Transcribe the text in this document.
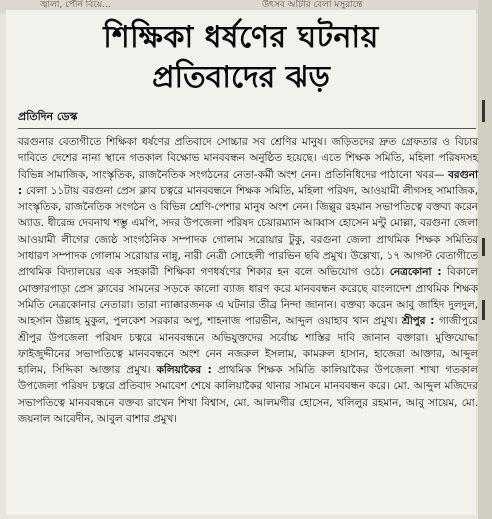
জ্বালা, পৌর্ন বিয়ে...	উৎসব আঁটার বেলা মসুরান্তে
শিক্ষিকা ধর্ষণের ঘটনায়
প্রতিবাদের ঝড়
প্রতিদিন ডেস্ক

বরগুনার বেতাগীতে শিক্ষিকা ধর্ষণের প্রতিবাদে সোচ্চার সব শ্রেণির মানুষ। জড়িতদের দ্রুত গ্রেফতার ও বিচার দাবিতে দেশের নানা স্থানে গতকাল বিক্ষোভ মানববন্ধন অনুষ্ঠিত হয়েছে। এতে শিক্ষক সমিতি, মহিলা পরিষদসহ বিভিন্ন সামাজিক, সাংস্কৃতিক, রাজনৈতিক সংগঠনের নেতা-কর্মী অংশ নেন। প্রতিনিধিদের পাঠানো খবর— বরগুনা : বেলা ১১টায় বরগুনা প্রেস ক্লাব চত্বরে মানববন্ধনে শিক্ষক সমিতি, মহিলা পরিষদ, আওয়ামী লীগসহ সামাজিক, সাংস্কৃতিক, রাজনৈতিক সংগঠন ও বিভিন্ন শ্রেণি-পেশার মানুষ অংশ নেন। জিল্লুর রহমান সভাপতিত্বে বক্তব্য করেন অ্যাড. ধীরেন্দ্র দেবনাথ শম্ভু এমপি, সদর উপজেলা পরিষদ চেয়ারম্যান আব্বাস হোসেন মন্টু মোল্লা, বরগুনা জেলা আওয়ামী লীগের জ্যেষ্ঠ সাংগঠনিক সম্পাদক গোলাম সরোয়ার টুকু, বরগুনা জেলা প্রাথমিক শিক্ষক সমিতির সাধারণ সম্পাদক গোলাম সরোয়ার নান্নু, নারী নেত্রী সোহেলী পারভিন ছবি প্রমুখ। উল্লেখ্য, ১৭ আগস্ট বেতাগীতে প্রাথমিক বিদ্যালয়ের এক সহকারী শিক্ষিকা গণধর্ষণের শিকার হন বলে অভিযোগ ওঠে। নেত্রকোনা : বিকালে মোক্তারপাড়া প্রেস ক্লাবের সামনের সড়কে কালো ব্যাজ ধারণ করে মানববন্ধন করেছে বাংলাদেশ প্রাথমিক শিক্ষক সমিতি নেত্রকোনার নেতারা। তারা ন্যাক্কারজনক এ ঘটনার তীব্র নিন্দা জানান। বক্তব্য করেন আবু জাহিদ দুলদুল, আহসান উল্লাহ মুকুল, পুলকেশ সরকার অপু, শাহনাজ পারভীন, আব্দুল ওয়াহাব খান প্রমুখ। শ্রীপুর : গাজীপুরে শ্রীপুর উপজেলা পরিষদ চত্বরে মানববন্ধনে অভিযুক্তদের সর্বোচ্চ শাস্তির দাবি জানান বক্তারা। মুক্তিযোদ্ধা ফাইজুদ্দীনের সভাপতিত্বে মানববন্ধনে অংশ নেন নজরুল ইসলাম, কামরুল হাসান, হাজেরা আক্তার, আব্দুল হালিম, সিদ্দিকা আক্তার প্রমুখ। কলিয়াকৈর : প্রাথমিক শিক্ষক সমিতি কালিয়াকৈর উপজেলা শাখা গতকাল উপজেলা পরিষদ চত্বরে প্রতিবাদ সমাবেশ শেষে কালিয়াকৈর থানার সামনে মানববন্ধন করে। মো. আব্দুল মজিদের সভাপতিত্বে মানববন্ধনে বক্তব্য রাখেন শিখা বিশ্বাস, মো. আলমগীর হোসেন, খলিলুর রহমান, আবু সায়েম, মো. জয়নাল আবেদীন, আবুল বাশার প্রমুখ।
